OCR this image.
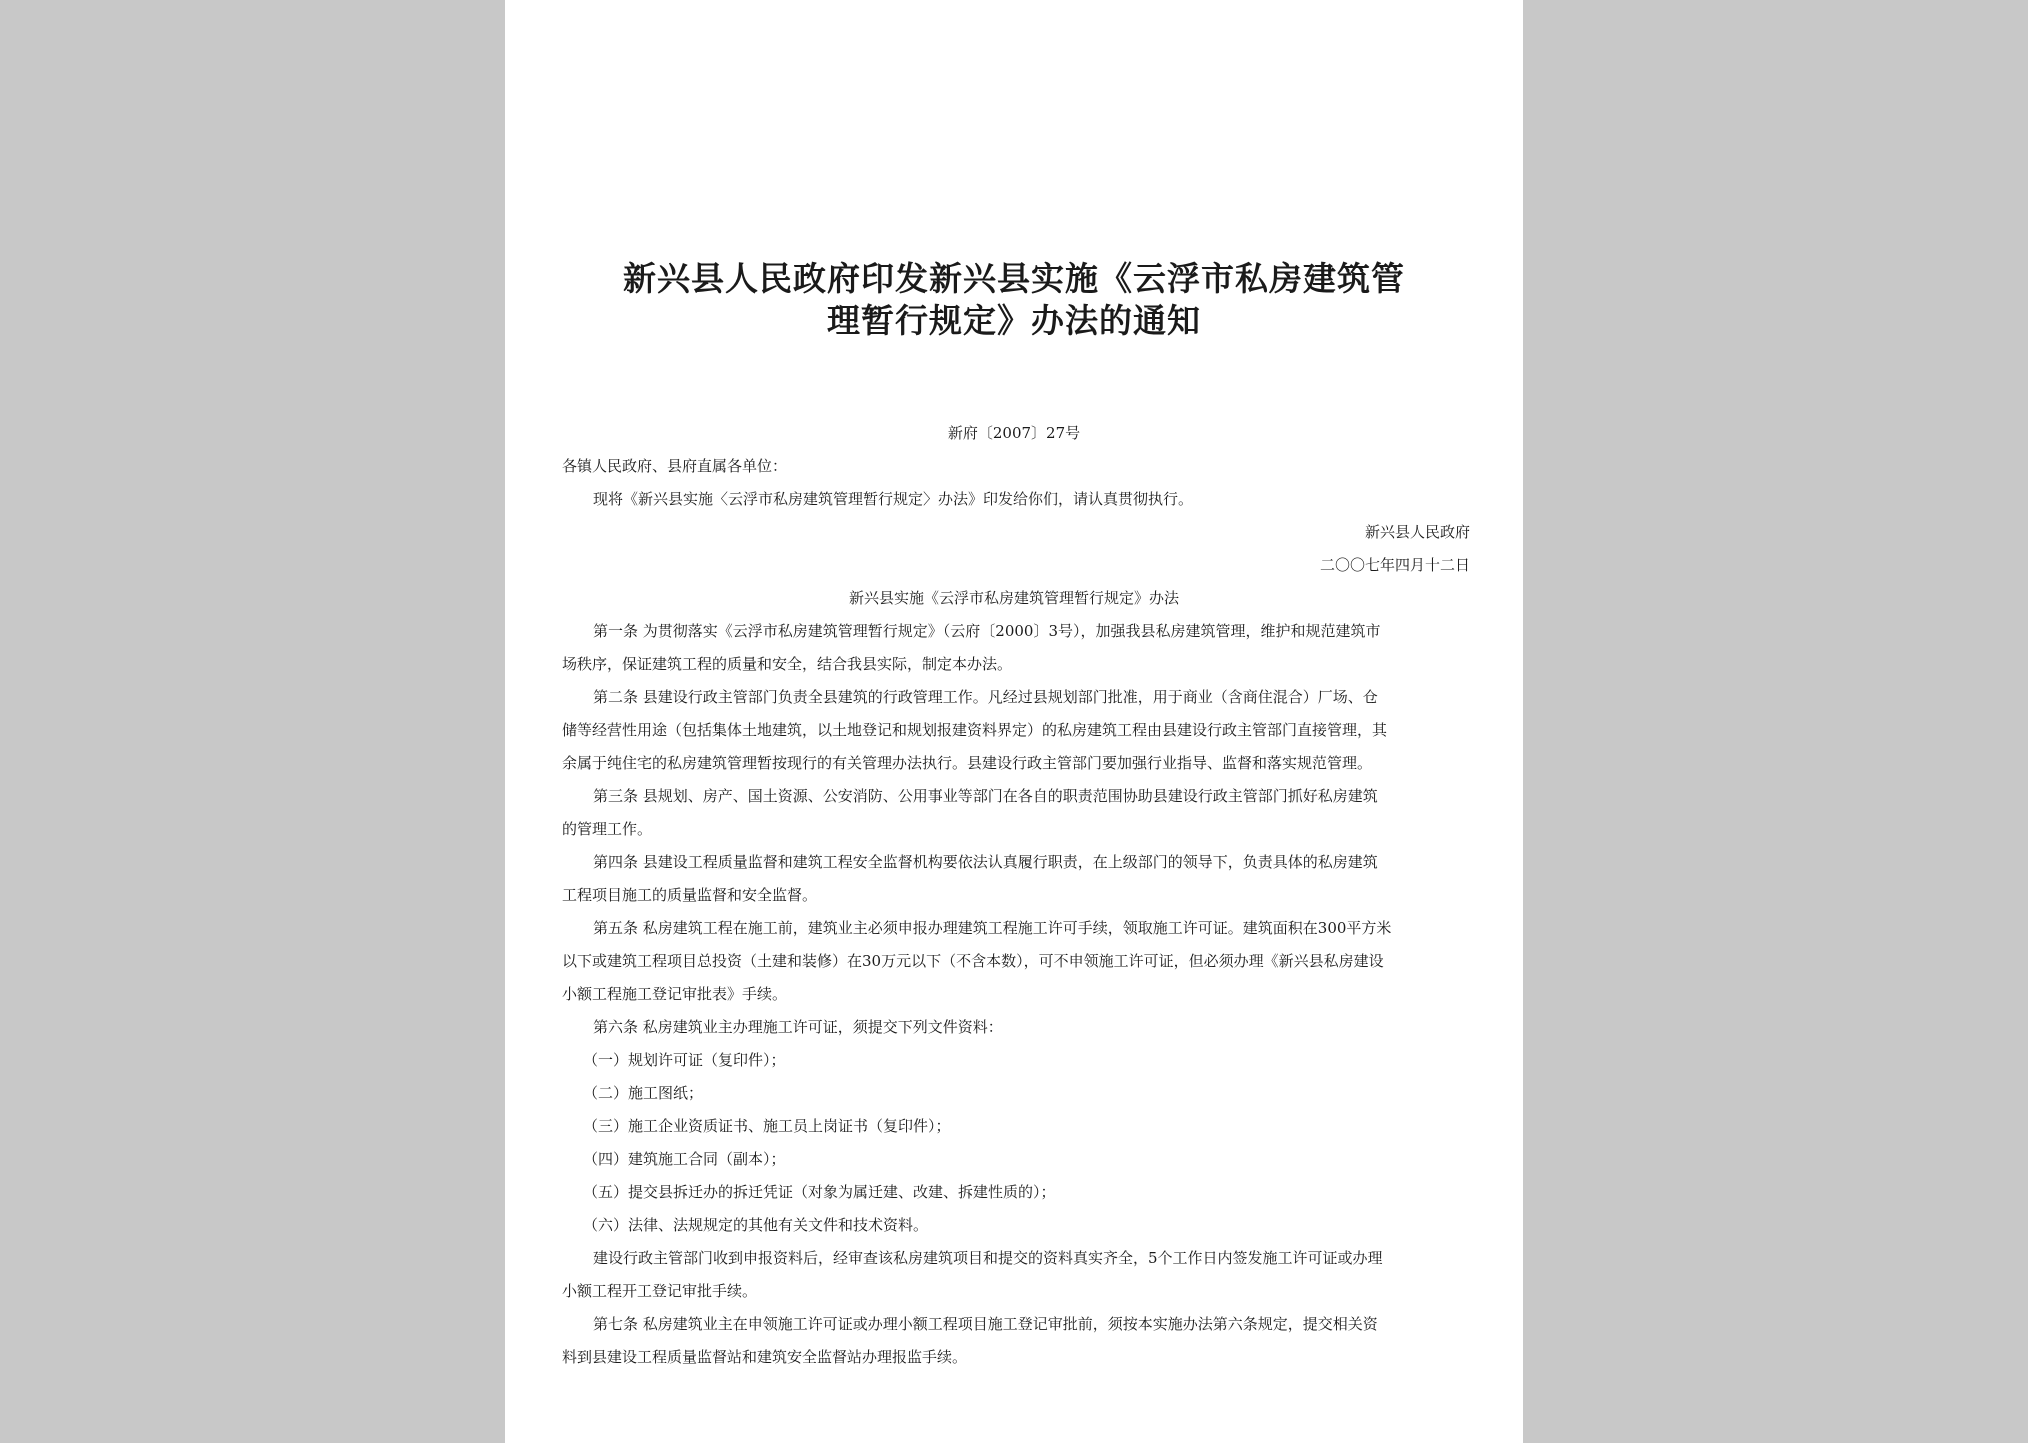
新兴县人民政府印发新兴县实施《云浮市私房建筑管
理暂行规定》办法的通知
新府〔2007〕27号
各镇人民政府、县府直属各单位：
现将《新兴县实施〈云浮市私房建筑管理暂行规定〉办法》印发给你们，请认真贯彻执行。
新兴县人民政府
二〇〇七年四月十二日
新兴县实施《云浮市私房建筑管理暂行规定》办法
第一条 为贯彻落实《云浮市私房建筑管理暂行规定》（云府〔2000〕3号），加强我县私房建筑管理，维护和规范建筑市
场秩序，保证建筑工程的质量和安全，结合我县实际，制定本办法。
第二条 县建设行政主管部门负责全县建筑的行政管理工作。凡经过县规划部门批准，用于商业（含商住混合）厂场、仓
储等经营性用途（包括集体土地建筑，以土地登记和规划报建资料界定）的私房建筑工程由县建设行政主管部门直接管理，其
余属于纯住宅的私房建筑管理暂按现行的有关管理办法执行。县建设行政主管部门要加强行业指导、监督和落实规范管理。
第三条 县规划、房产、国土资源、公安消防、公用事业等部门在各自的职责范围协助县建设行政主管部门抓好私房建筑
的管理工作。
第四条 县建设工程质量监督和建筑工程安全监督机构要依法认真履行职责，在上级部门的领导下，负责具体的私房建筑
工程项目施工的质量监督和安全监督。
第五条 私房建筑工程在施工前，建筑业主必须申报办理建筑工程施工许可手续，领取施工许可证。建筑面积在300平方米
以下或建筑工程项目总投资（土建和装修）在30万元以下（不含本数），可不申领施工许可证，但必须办理《新兴县私房建设
小额工程施工登记审批表》手续。
第六条 私房建筑业主办理施工许可证，须提交下列文件资料：
（一）规划许可证（复印件）；
（二）施工图纸；
（三）施工企业资质证书、施工员上岗证书（复印件）；
（四）建筑施工合同（副本）；
（五）提交县拆迁办的拆迁凭证（对象为属迁建、改建、拆建性质的）；
（六）法律、法规规定的其他有关文件和技术资料。
建设行政主管部门收到申报资料后，经审查该私房建筑项目和提交的资料真实齐全，5个工作日内签发施工许可证或办理
小额工程开工登记审批手续。
第七条 私房建筑业主在申领施工许可证或办理小额工程项目施工登记审批前，须按本实施办法第六条规定，提交相关资
料到县建设工程质量监督站和建筑安全监督站办理报监手续。
